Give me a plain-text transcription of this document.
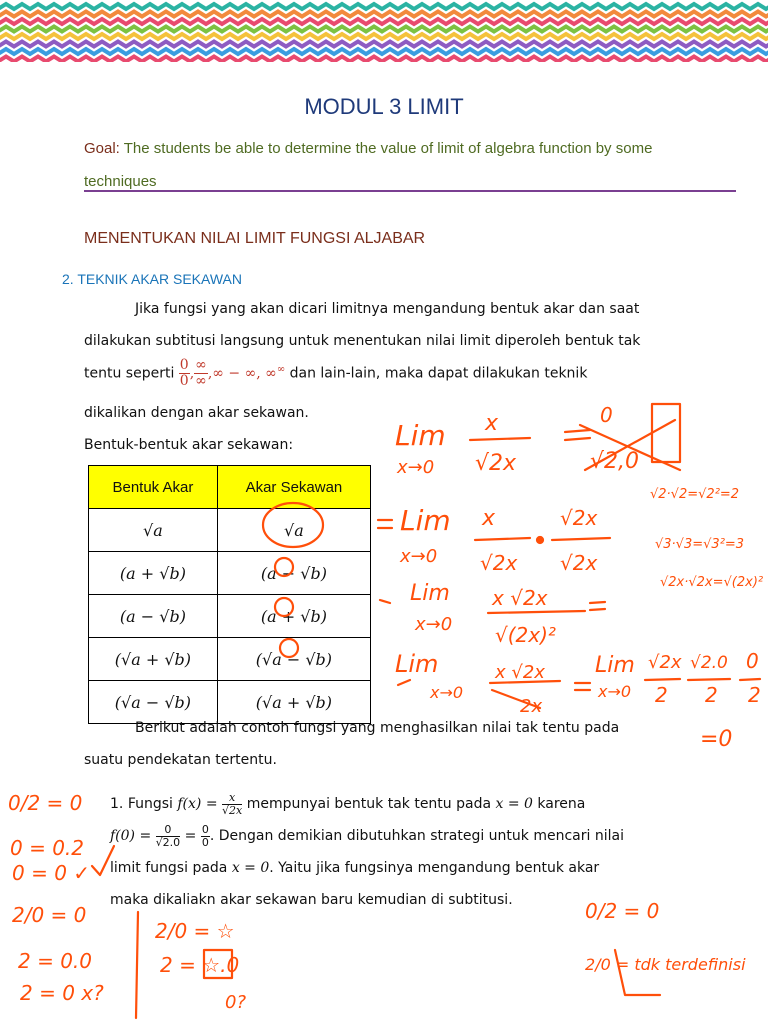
MODUL 3 LIMIT
Goal: The students be able to determine the value of limit of algebra function by some techniques
MENENTUKAN NILAI LIMIT FUNGSI ALJABAR
2. TEKNIK AKAR SEKAWAN
Jika fungsi yang akan dicari limitnya mengandung bentuk akar dan saat
dilakukan subtitusi langsung untuk menentukan nilai limit diperoleh bentuk tak
tentu seperti $\frac{0}{0}$, $\frac{\infty}{\infty},\infty$ − ∞, ∞∞ dan lain-lain, maka dapat dilakukan teknik
dikalikan dengan akar sekawan.
Bentuk-bentuk akar sekawan:
Bentuk Akar	Akar Sekawan
√a	√a
(a + √b)	(a − √b)
(a − √b)	(a + √b)
(√a + √b)	(√a − √b)
(√a − √b)	(√a + √b)
Berikut adalah contoh fungsi yang menghasilkan nilai tak tentu pada
suatu pendekatan tertentu.
1. Fungsi $f(x) = \frac{x}{√2x}$ mempunyai bentuk tak tentu pada x = 0 karena
$f(0) = \frac{0}{√2.0} = \frac{0}{0}$. Dengan demikian dibutuhkan strategi untuk mencari nilai
limit fungsi pada x = 0. Yaitu jika fungsinya mengandung bentuk akar
maka dikaliakn akar sekawan baru kemudian di subtitusi.
Lim
x→0
x
√2x	√2,0
0
Lim
x→0
x
√2x
√2x
√2x
Lim
x→0
x √2x
√(2x)²
Lim
x→0
x √2x
2x
Lim
x→0
√2x
2
√2.0
2
0
2
=0
√2·√2=√2²=2
√3·√3=√3²=3
√2x·√2x=√(2x)²
0/2 = 0
0 = 0.2
0 = 0 ✓
2/0 = 0
2 = 0.0
2 = 0 x?
2/0 = ☆
2 = ☆.0
0?
0/2 = 0
2/0 = tdk terdefinisi
